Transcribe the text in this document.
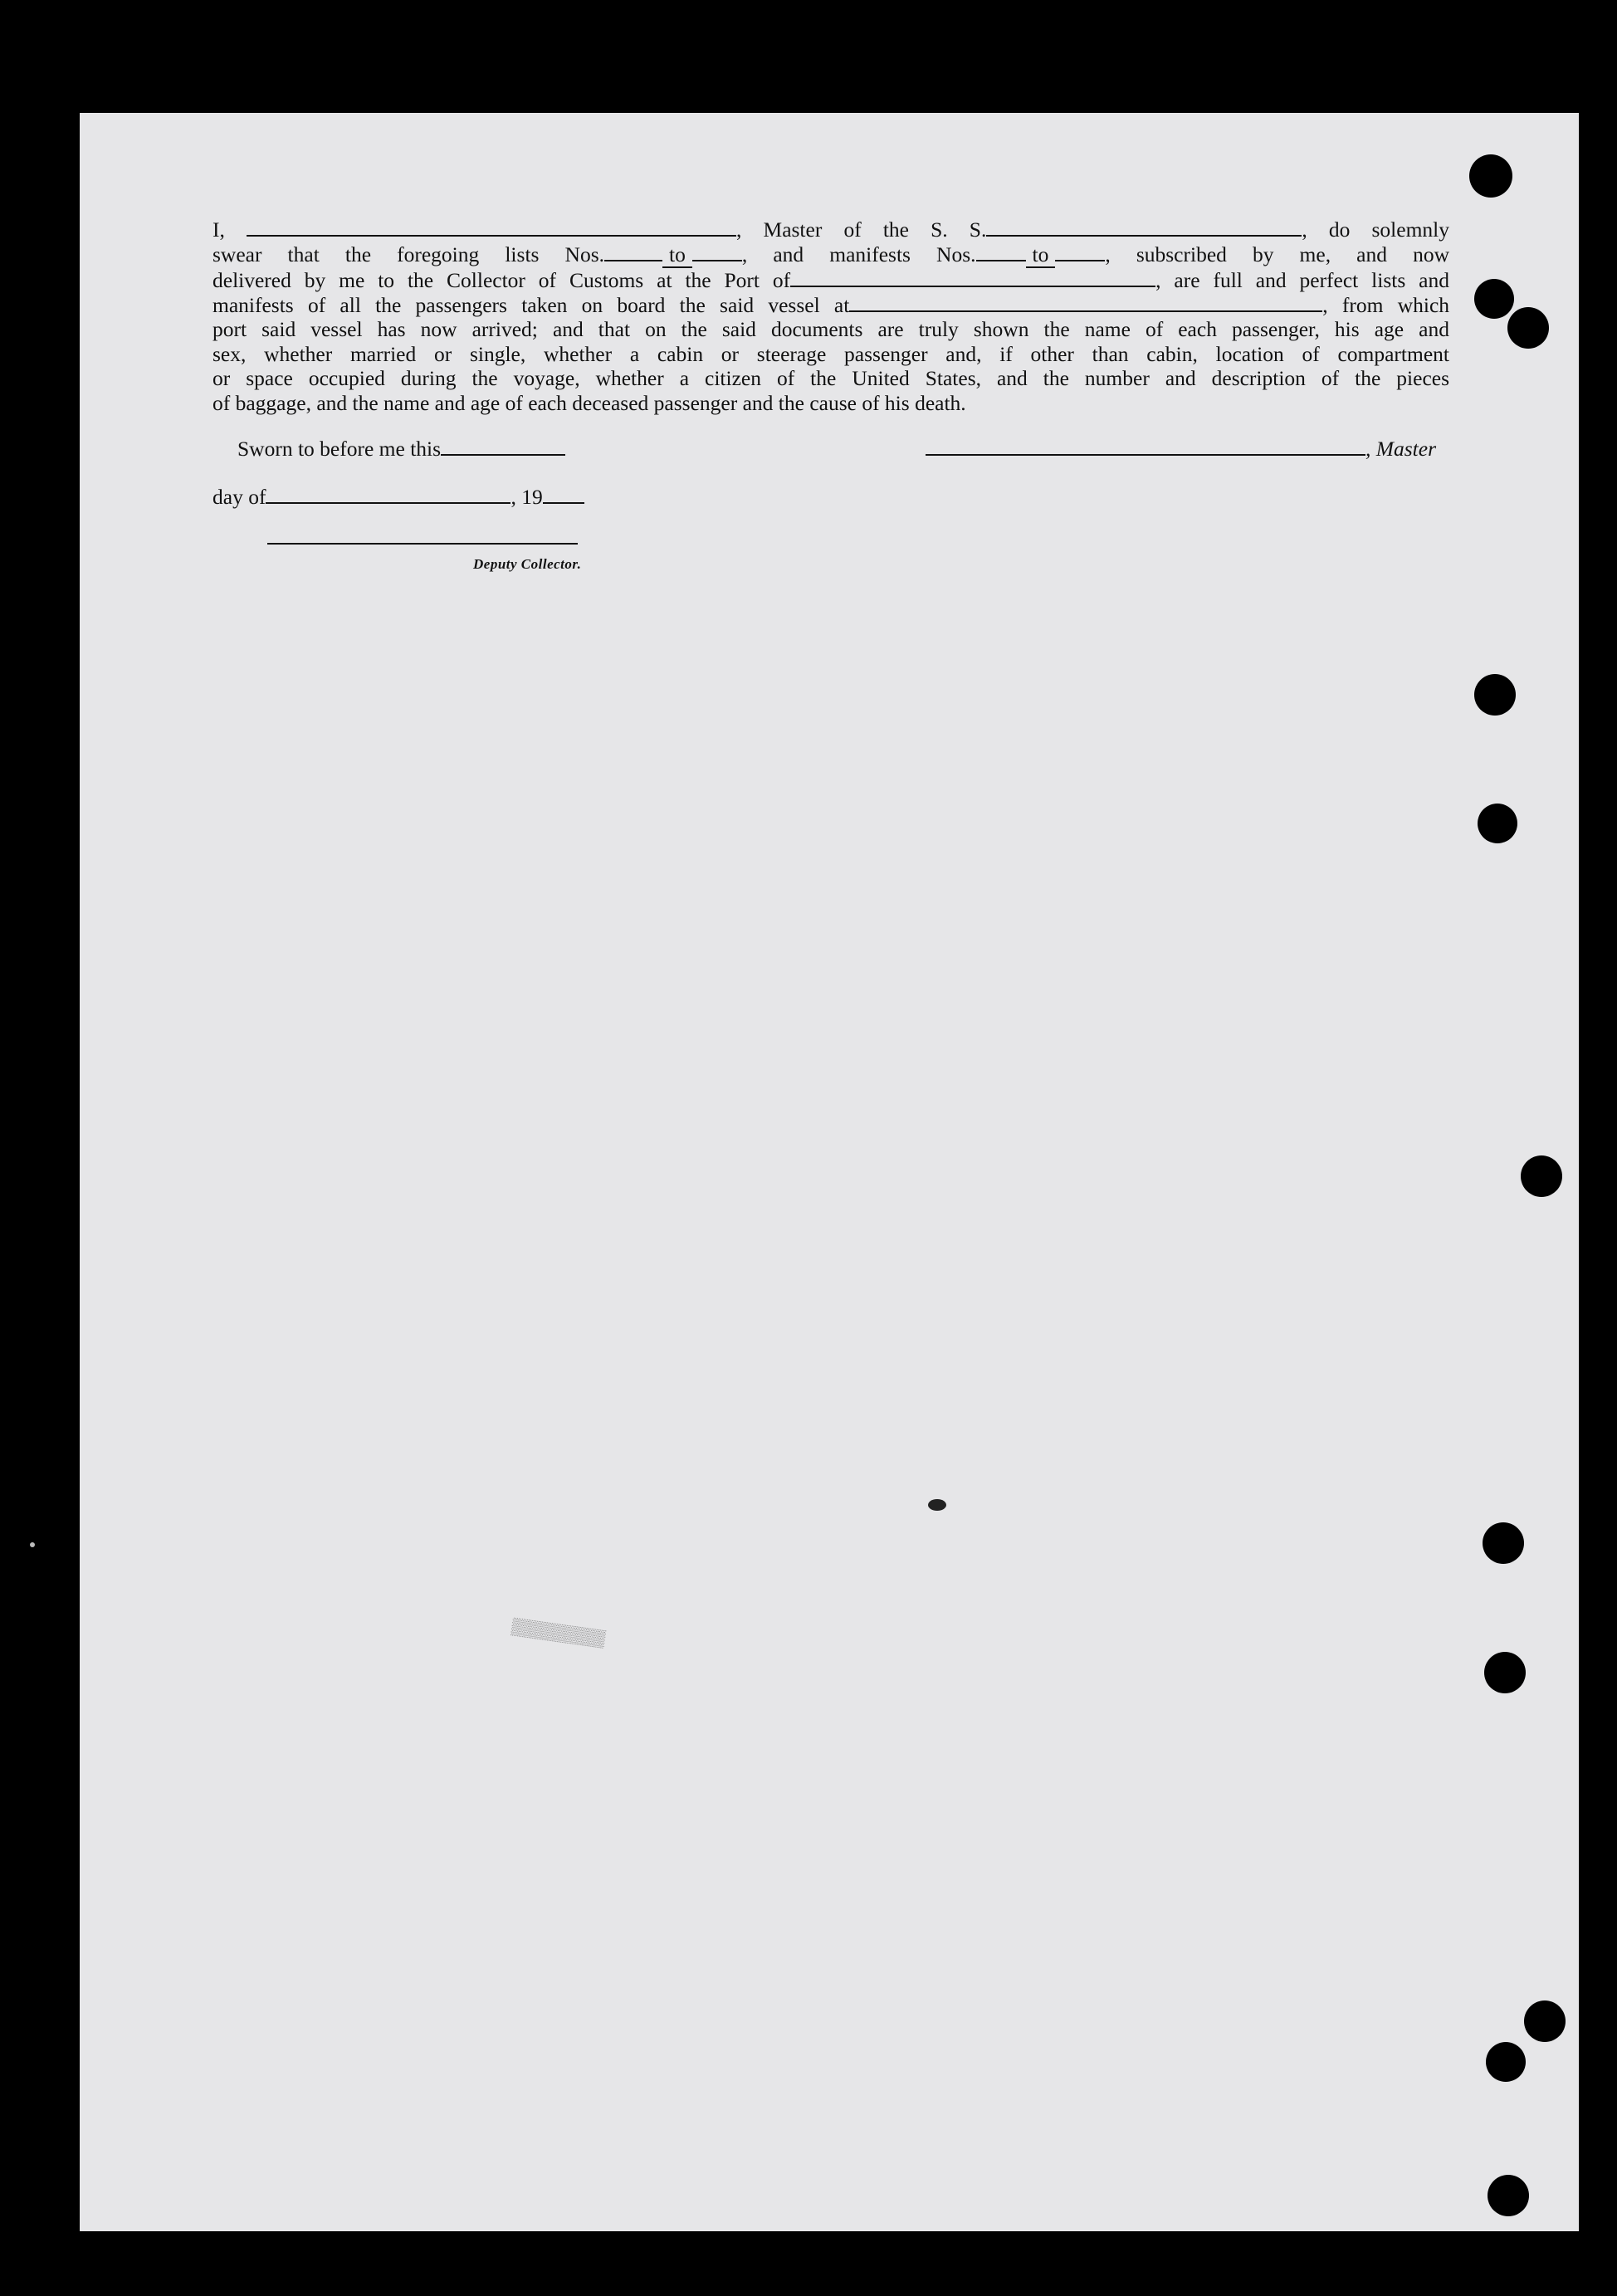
I,	, Master of the S. S.	, do solemnly
swear that the foregoing lists Nos.	to	, and manifests Nos.	to	, subscribed by me, and now
delivered by me to the Collector of Customs at the Port of	, are full and perfect lists and
manifests of all the passengers taken on board the said vessel at	, from which
port said vessel has now arrived; and that on the said documents are truly shown the name of each passenger, his age and
sex, whether married or single, whether a cabin or steerage passenger and, if other than cabin, location of compartment
or space occupied during the voyage, whether a citizen of the United States, and the number and description of the pieces
of baggage, and the name and age of each deceased passenger and the cause of his death.
Sworn to before me this	, Master
day of	, 19
Deputy Collector.
▒▒▒▒▒▒▒▒
